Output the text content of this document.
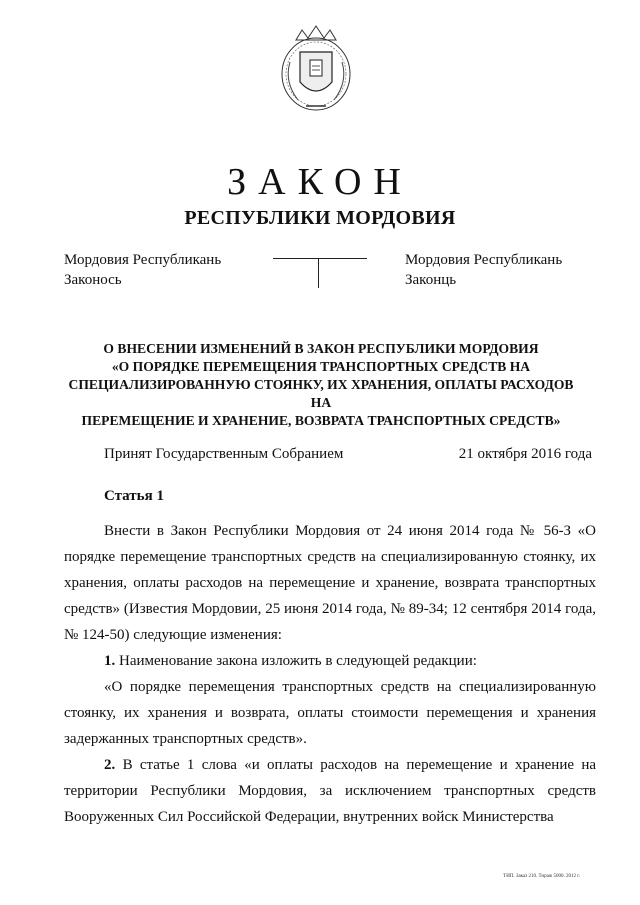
ЗАКОН
РЕСПУБЛИКИ МОРДОВИЯ
Мордовия Республикань
Законось
Мордовия Республикань
Законць
О ВНЕСЕНИИ ИЗМЕНЕНИЙ В ЗАКОН РЕСПУБЛИКИ МОРДОВИЯ
«О ПОРЯДКЕ ПЕРЕМЕЩЕНИЯ ТРАНСПОРТНЫХ СРЕДСТВ НА
СПЕЦИАЛИЗИРОВАННУЮ СТОЯНКУ, ИХ ХРАНЕНИЯ, ОПЛАТЫ РАСХОДОВ НА
ПЕРЕМЕЩЕНИЕ И ХРАНЕНИЕ, ВОЗВРАТА ТРАНСПОРТНЫХ СРЕДСТВ»
Принят Государственным Собранием	21 октября 2016 года
Статья 1

Внести в Закон Республики Мордовия от 24 июня 2014 года № 56-З «О порядке перемещение транспортных средств на специализированную стоянку, их хранения, оплаты расходов на перемещение и хранение, возврата транспортных средств» (Известия Мордовии, 25 июня 2014 года, № 89-34; 12 сентября 2014 года, № 124-50) следующие изменения:

1. Наименование закона изложить в следующей редакции:

«О порядке перемещения транспортных средств на специализированную стоянку, их хранения и возврата, оплаты стоимости перемещения и хранения задержанных транспортных средств».

2. В статье 1 слова «и оплаты расходов на перемещение и хранение на территории Республики Мордовия, за исключением транспортных средств Вооруженных Сил Российской Федерации, внутренних войск Министерства

ТИП. Заказ 210. Тираж 5000. 2012 г.
